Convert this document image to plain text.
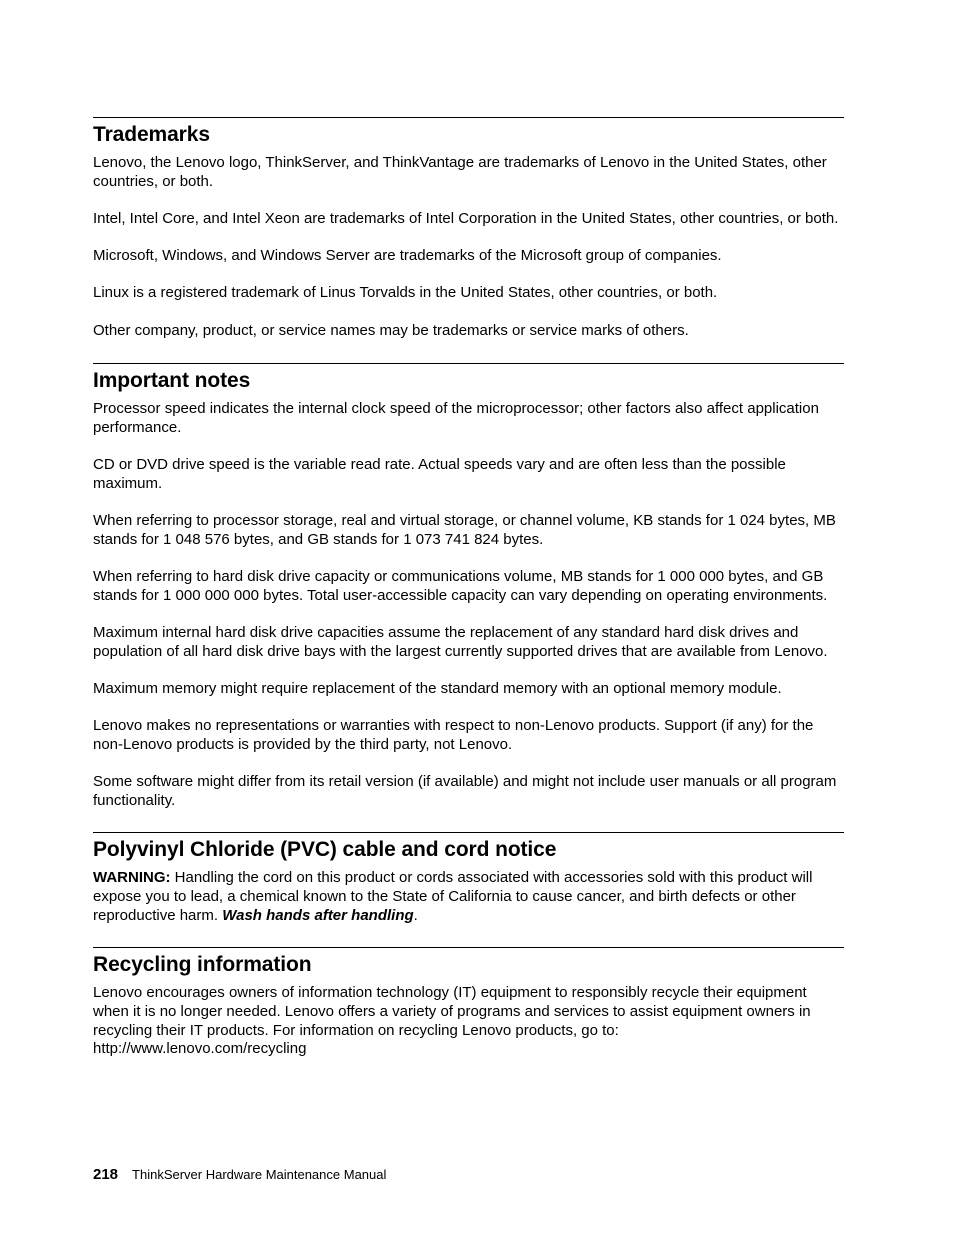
Trademarks

Lenovo, the Lenovo logo, ThinkServer, and ThinkVantage are trademarks of Lenovo in the United States, other countries, or both.

Intel, Intel Core, and Intel Xeon are trademarks of Intel Corporation in the United States, other countries, or both.

Microsoft, Windows, and Windows Server are trademarks of the Microsoft group of companies.

Linux is a registered trademark of Linus Torvalds in the United States, other countries, or both.

Other company, product, or service names may be trademarks or service marks of others.

Important notes

Processor speed indicates the internal clock speed of the microprocessor; other factors also affect application performance.

CD or DVD drive speed is the variable read rate. Actual speeds vary and are often less than the possible maximum.

When referring to processor storage, real and virtual storage, or channel volume, KB stands for 1 024 bytes, MB stands for 1 048 576 bytes, and GB stands for 1 073 741 824 bytes.

When referring to hard disk drive capacity or communications volume, MB stands for 1 000 000 bytes, and GB stands for 1 000 000 000 bytes. Total user-accessible capacity can vary depending on operating environments.

Maximum internal hard disk drive capacities assume the replacement of any standard hard disk drives and population of all hard disk drive bays with the largest currently supported drives that are available from Lenovo.

Maximum memory might require replacement of the standard memory with an optional memory module.

Lenovo makes no representations or warranties with respect to non-Lenovo products. Support (if any) for the non-Lenovo products is provided by the third party, not Lenovo.

Some software might differ from its retail version (if available) and might not include user manuals or all program functionality.

Polyvinyl Chloride (PVC) cable and cord notice

WARNING: Handling the cord on this product or cords associated with accessories sold with this product will expose you to lead, a chemical known to the State of California to cause cancer, and birth defects or other reproductive harm. Wash hands after handling.

Recycling information

Lenovo encourages owners of information technology (IT) equipment to responsibly recycle their equipment when it is no longer needed. Lenovo offers a variety of programs and services to assist equipment owners in recycling their IT products. For information on recycling Lenovo products, go to:
http://www.lenovo.com/recycling

218 ThinkServer Hardware Maintenance Manual
